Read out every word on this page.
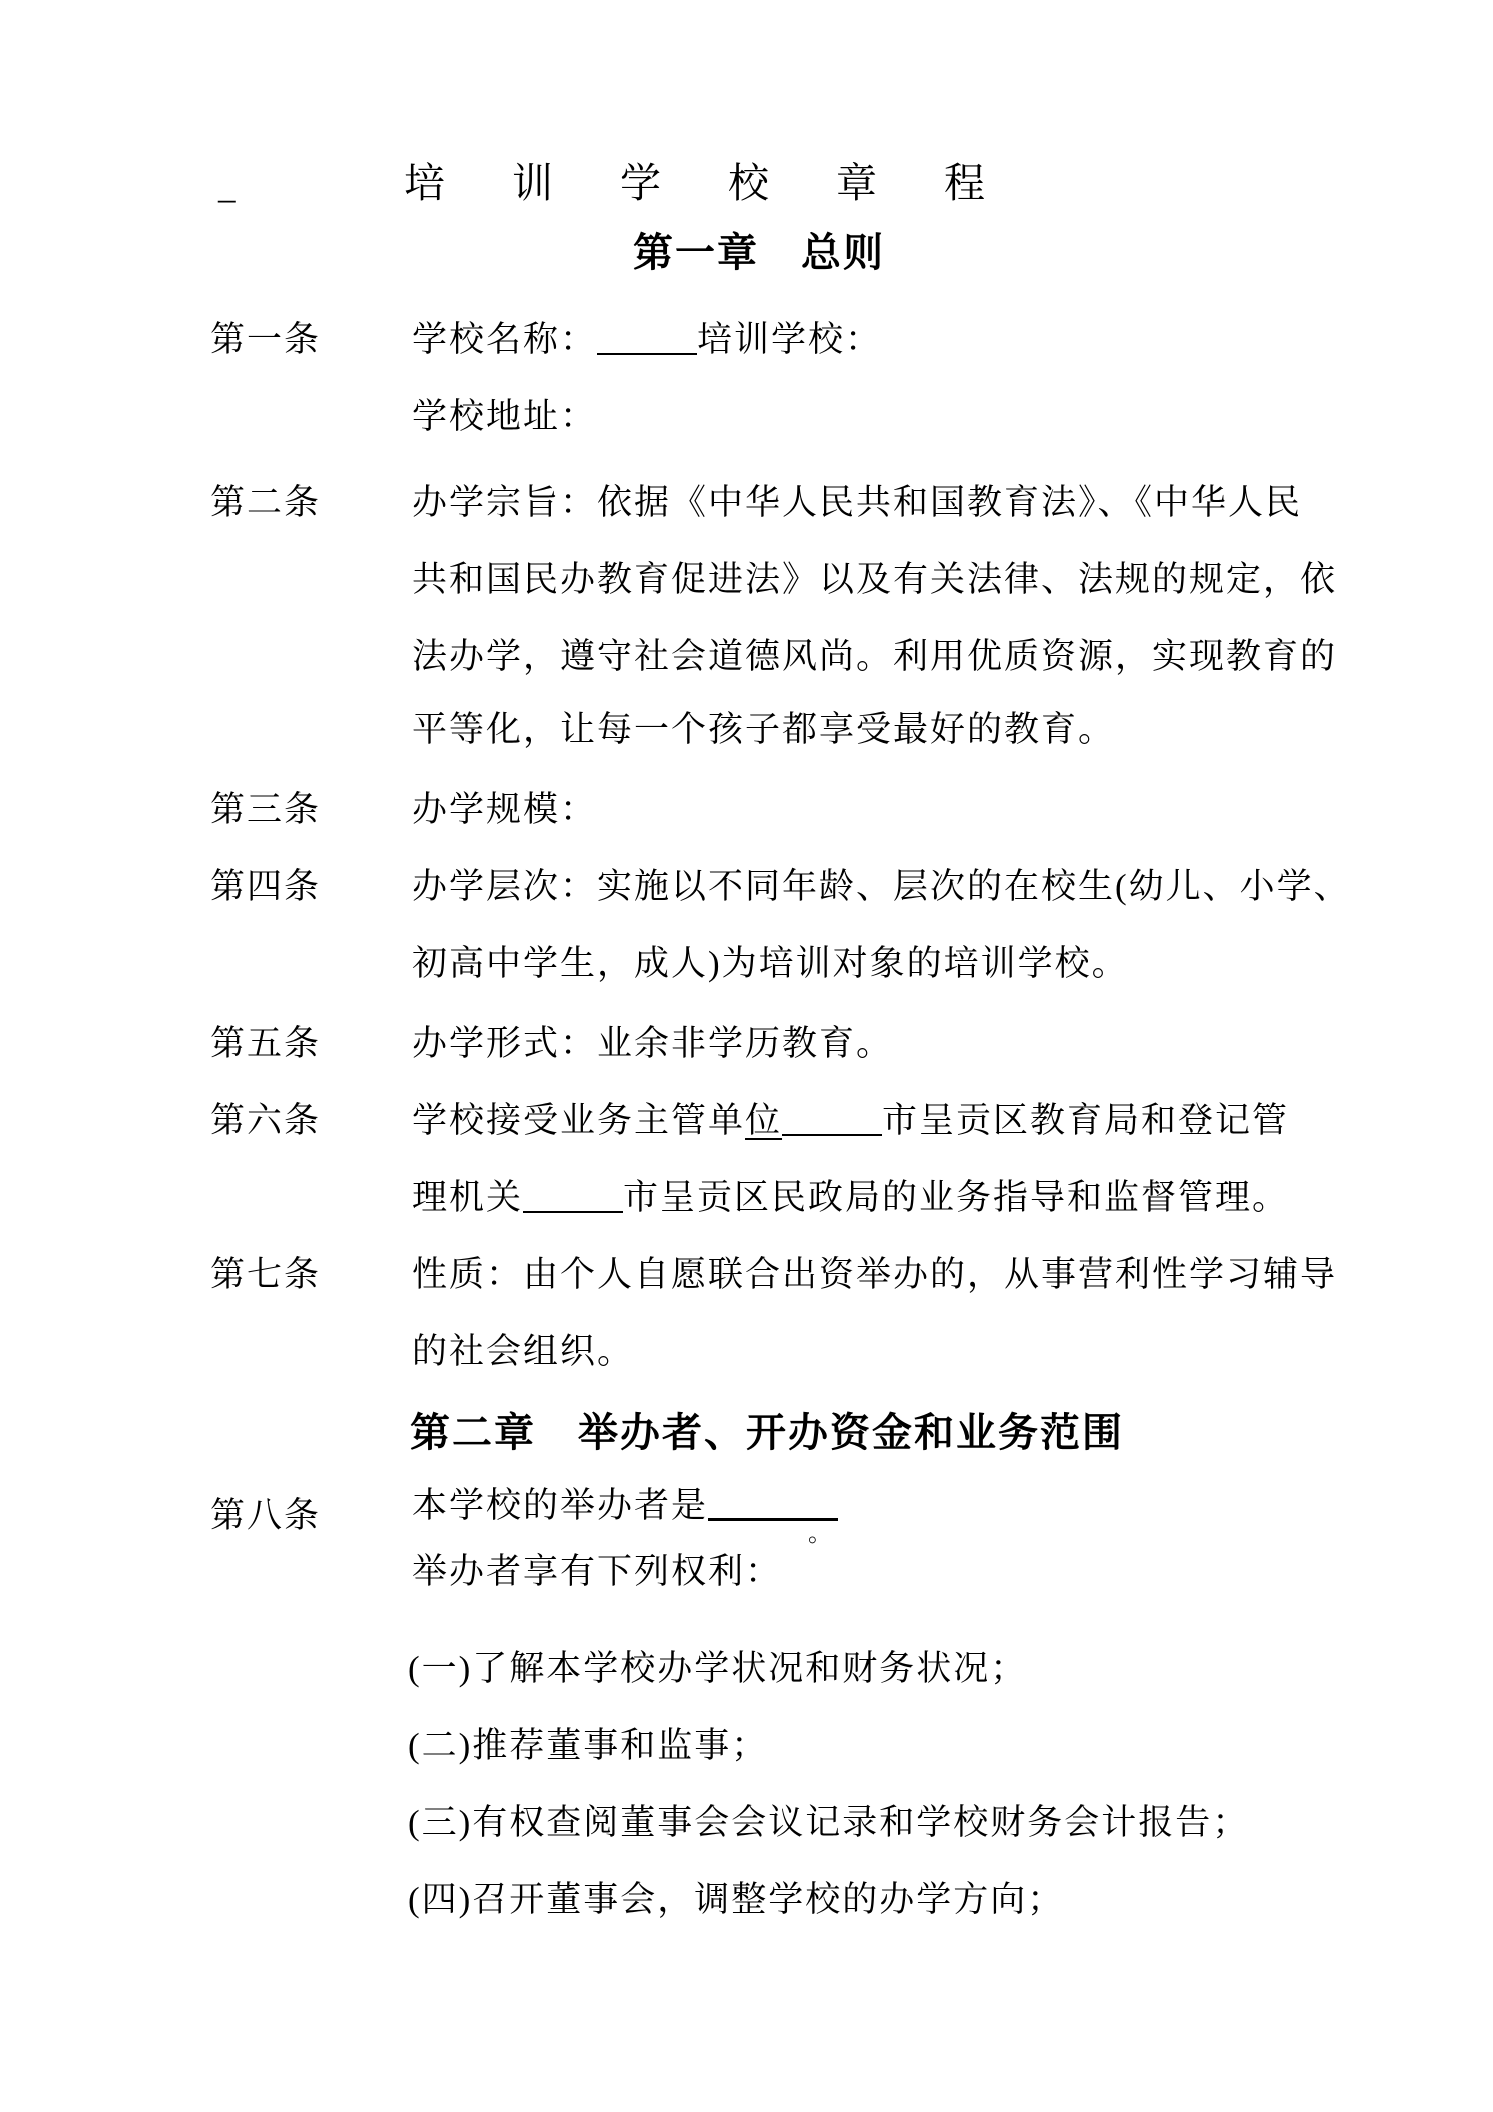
_	培训学校章程
第一章　总则
第一条	学校名称：	培训学校：
学校地址：
第二条	办学宗旨：依据《中华人民共和国教育法》、《中华人民
共和国民办教育促进法》以及有关法律、法规的规定，依
法办学，遵守社会道德风尚。利用优质资源，实现教育的
平等化，让每一个孩子都享受最好的教育。
第三条	办学规模：
第四条	办学层次：实施以不同年龄、层次的在校生(幼儿、小学、
初高中学生，成人)为培训对象的培训学校。
第五条	办学形式：业余非学历教育。
第六条	学校接受业务主管单位	市呈贡区教育局和登记管
理机关	市呈贡区民政局的业务指导和监督管理。
第七条	性质：由个人自愿联合出资举办的，从事营利性学习辅导
的社会组织。
第二章　举办者、开办资金和业务范围
第八条	本学校的举办者是
。
举办者享有下列权利：
(一)了解本学校办学状况和财务状况；
(二)推荐董事和监事；
(三)有权查阅董事会会议记录和学校财务会计报告；
(四)召开董事会，调整学校的办学方向；
